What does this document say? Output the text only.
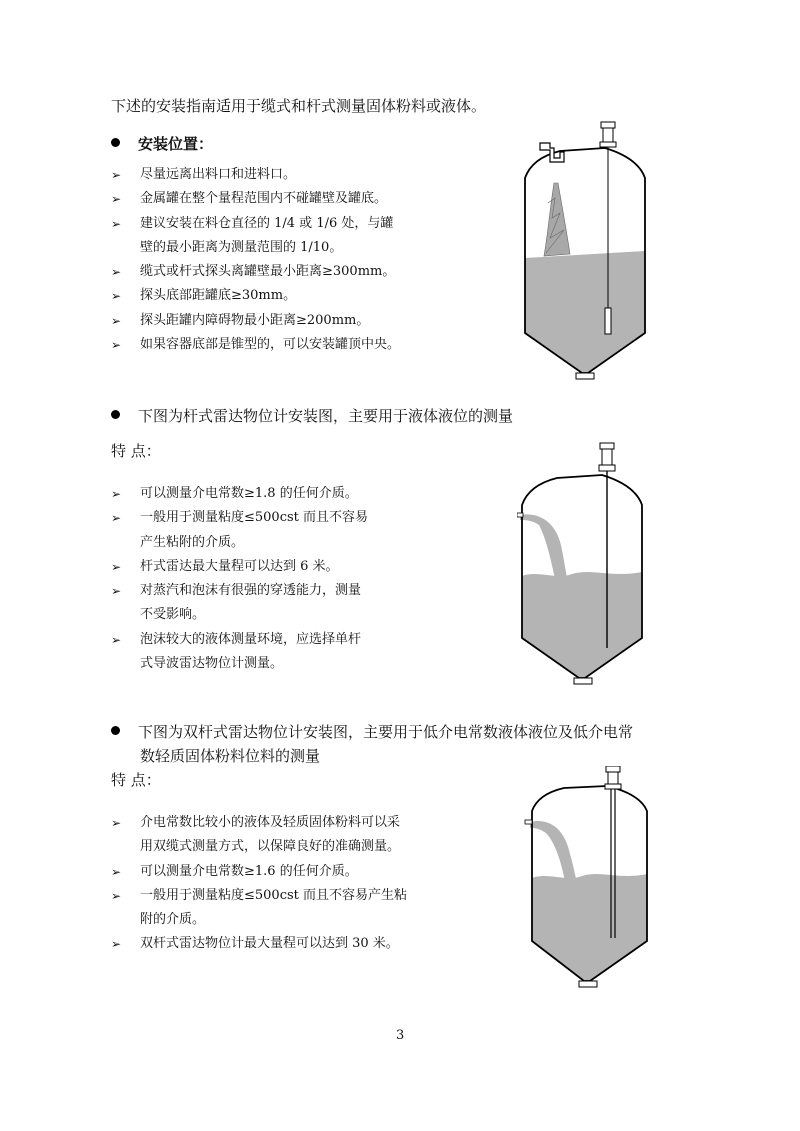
下述的安装指南适用于缆式和杆式测量固体粉料或液体。
安装位置：
➢ 尽量远离出料口和进料口。
➢ 金属罐在整个量程范围内不碰罐壁及罐底。
➢ 建议安装在料仓直径的 1/4 或 1/6 处，与罐
壁的最小距离为测量范围的 1/10。
➢ 缆式或杆式探头离罐壁最小距离≥300mm。
➢ 探头底部距罐底≥30mm。
➢ 探头距罐内障碍物最小距离≥200mm。
➢ 如果容器底部是锥型的，可以安装罐顶中央。
下图为杆式雷达物位计安装图，主要用于液体液位的测量
特 点：
➢ 可以测量介电常数≥1.8 的任何介质。
➢ 一般用于测量粘度≤500cst 而且不容易
产生粘附的介质。
➢ 杆式雷达最大量程可以达到 6 米。
➢ 对蒸汽和泡沫有很强的穿透能力，测量
不受影响。
➢ 泡沫较大的液体测量环境，应选择单杆
式导波雷达物位计测量。
下图为双杆式雷达物位计安装图，主要用于低介电常数液体液位及低介电常
数轻质固体粉料位料的测量
特 点：
➢ 介电常数比较小的液体及轻质固体粉料可以采
用双缆式测量方式，以保障良好的准确测量。
➢ 可以测量介电常数≥1.6 的任何介质。
➢ 一般用于测量粘度≤500cst 而且不容易产生粘
附的介质。
➢ 双杆式雷达物位计最大量程可以达到 30 米。
3
